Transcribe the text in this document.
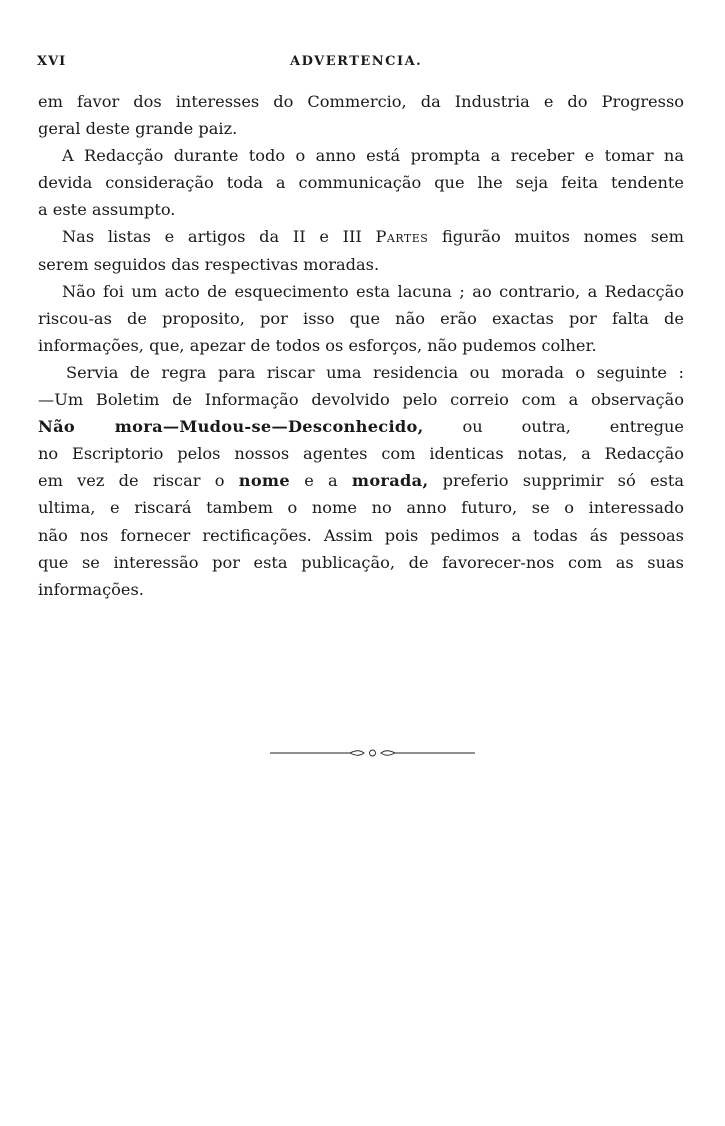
XVI	ADVERTENCIA.
em favor dos interesses do Commercio, da Industria e do Progresso
geral deste grande paiz.
A Redacção durante todo o anno está prompta a receber e tomar na
devida consideração toda a communicação que lhe seja feita tendente
a este assumpto.
Nas listas e artigos da II e III Partes figurão muitos nomes sem
serem seguidos das respectivas moradas.
Não foi um acto de esquecimento esta lacuna ; ao contrario, a Redacção
riscou-as de proposito, por isso que não erão exactas por falta de
informações, que, apezar de todos os esforços, não pudemos colher.
Servia de regra para riscar uma residencia ou morada o seguinte :
—Um Boletim de Informação devolvido pelo correio com a observação
Não mora—Mudou-se—Desconhecido, ou outra, entregue
no Escriptorio pelos nossos agentes com identicas notas, a Redacção
em vez de riscar o nome e a morada, preferio supprimir só esta
ultima, e riscará tambem o nome no anno futuro, se o interessado
não nos fornecer rectificações. Assim pois pedimos a todas ás pessoas
que se interessão por esta publicação, de favorecer-nos com as suas
informações.
